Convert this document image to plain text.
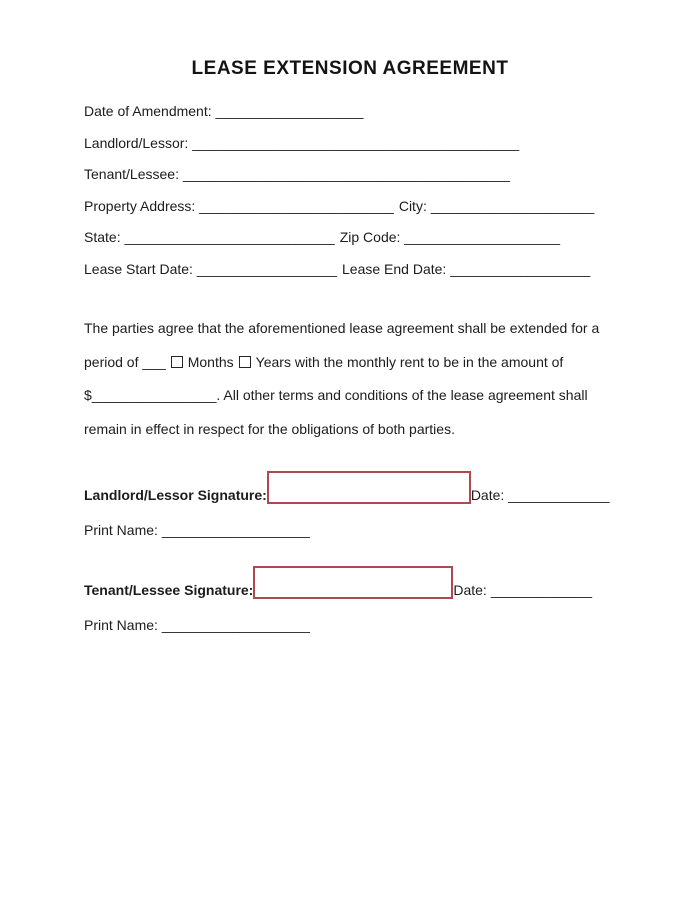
LEASE EXTENSION AGREEMENT
Date of Amendment: ___________________
Landlord/Lessor: __________________________________________
Tenant/Lessee: __________________________________________
Property Address: _________________________ City: _____________________
State: ___________________________ Zip Code: ____________________
Lease Start Date: __________________ Lease End Date: __________________
The parties agree that the aforementioned lease agreement shall be extended for a
period of ___ Months Years with the monthly rent to be in the amount of
$________________. All other terms and conditions of the lease agreement shall
remain in effect in respect for the obligations of both parties.
Landlord/Lessor Signature:	Date: _____________
Print Name: ___________________
Tenant/Lessee Signature:	Date: _____________
Print Name: ___________________
